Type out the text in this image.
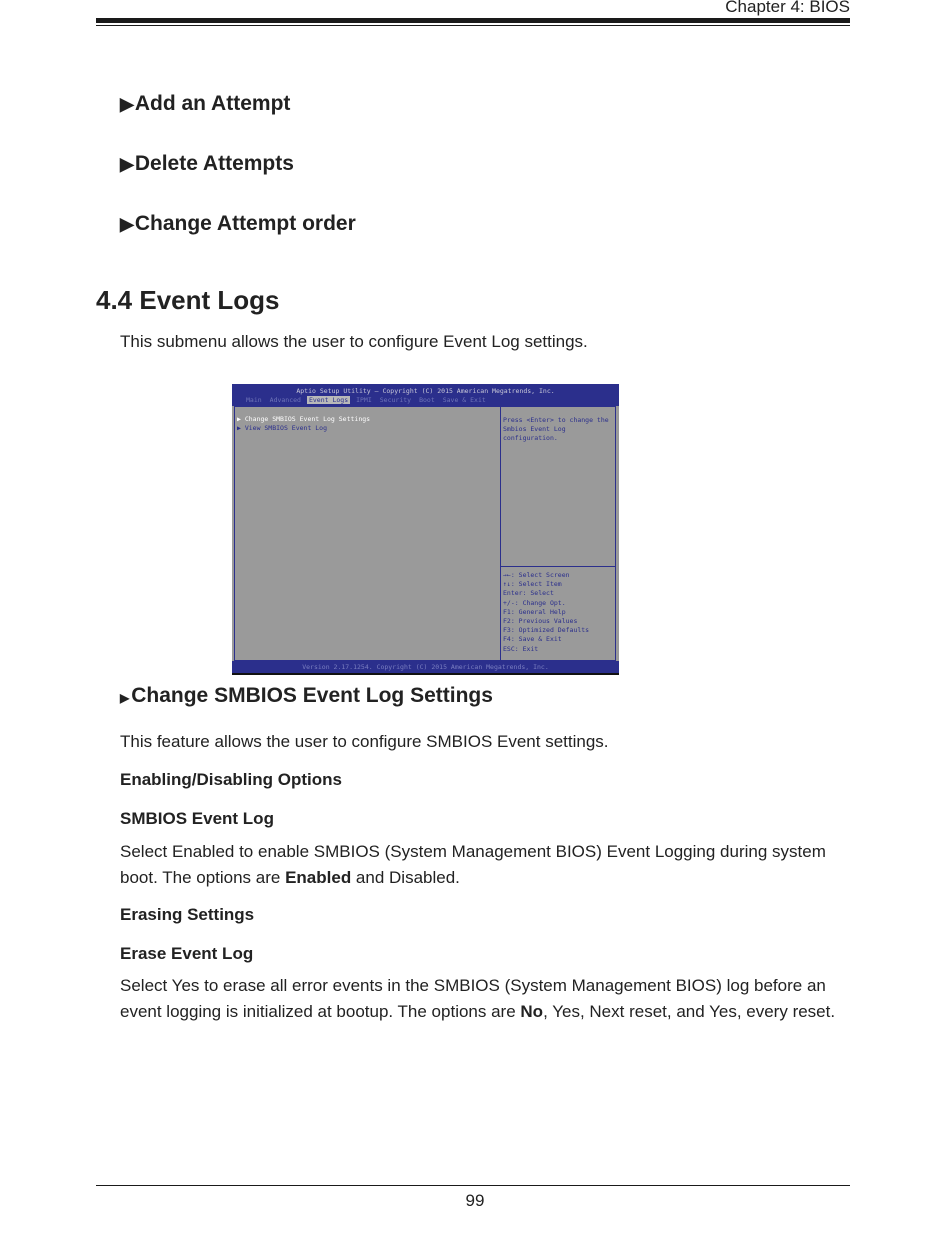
Chapter 4: BIOS
▶Add an Attempt
▶Delete Attempts
▶Change Attempt order
4.4 Event Logs
This submenu allows the user to configure Event Log settings.
Aptio Setup Utility – Copyright (C) 2015 American Megatrends, Inc.
Main	Advanced	Event Logs	IPMI	Security	Boot	Save & Exit
▶ Change SMBIOS Event Log Settings
▶ View SMBIOS Event Log
Press <Enter> to change the Smbios Event Log configuration.
→←: Select Screen
↑↓: Select Item
Enter: Select
+/-: Change Opt.
F1: General Help
F2: Previous Values
F3: Optimized Defaults
F4: Save & Exit
ESC: Exit
Version 2.17.1254. Copyright (C) 2015 American Megatrends, Inc.
▶Change SMBIOS Event Log Settings
This feature allows the user to configure SMBIOS Event settings.
Enabling/Disabling Options
SMBIOS Event Log
Select Enabled to enable SMBIOS (System Management BIOS) Event Logging during system boot. The options are Enabled and Disabled.
Erasing Settings
Erase Event Log
Select Yes to erase all error events in the SMBIOS (System Management BIOS) log before an event logging is initialized at bootup. The options are No, Yes, Next reset, and Yes, every reset.
99
